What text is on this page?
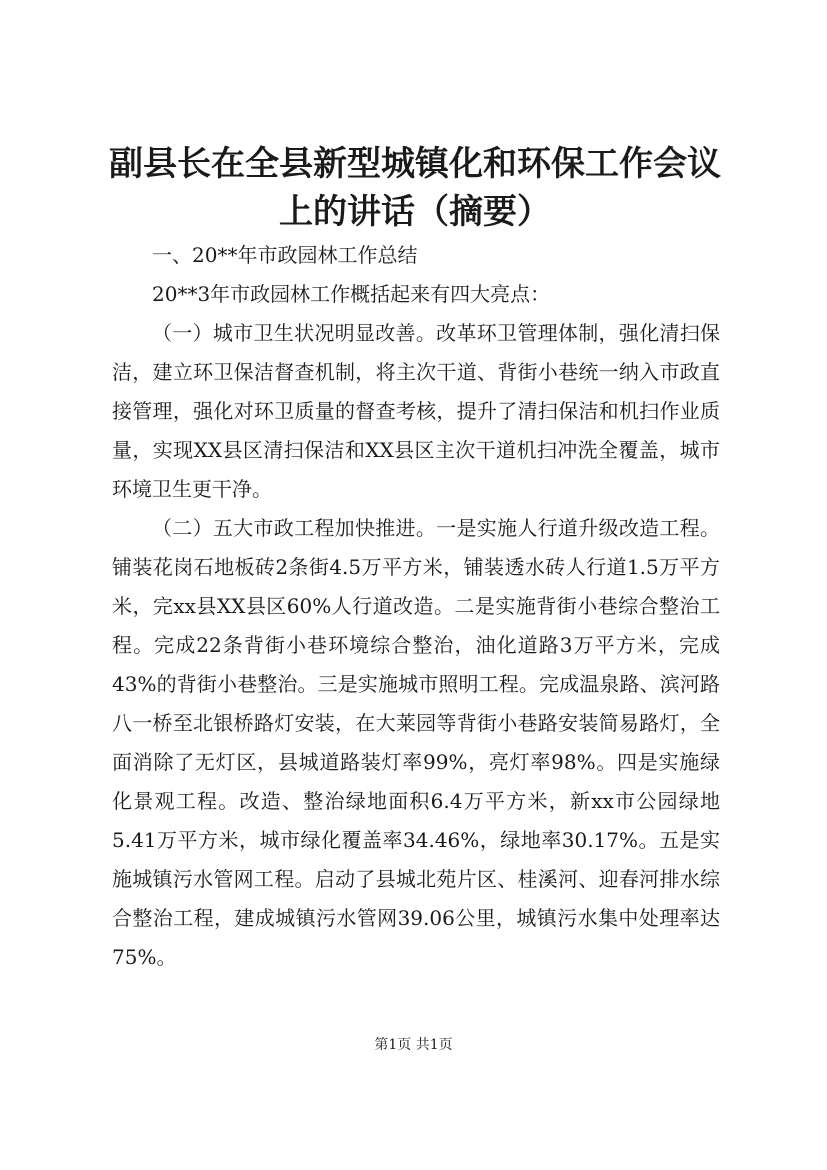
副县长在全县新型城镇化和环保工作会议上的讲话（摘要）

一、20**年市政园林工作总结

20**3年市政园林工作概括起来有四大亮点：

（一）城市卫生状况明显改善。改革环卫管理体制，强化清扫保洁，建立环卫保洁督查机制，将主次干道、背街小巷统一纳入市政直接管理，强化对环卫质量的督查考核，提升了清扫保洁和机扫作业质量，实现XX县区清扫保洁和XX县区主次干道机扫冲洗全覆盖，城市环境卫生更干净。

（二）五大市政工程加快推进。一是实施人行道升级改造工程。铺装花岗石地板砖2条街4.5万平方米，铺装透水砖人行道1.5万平方米，完xx县XX县区60%人行道改造。二是实施背街小巷综合整治工程。完成22条背街小巷环境综合整治，油化道路3万平方米，完成43%的背街小巷整治。三是实施城市照明工程。完成温泉路、滨河路八一桥至北银桥路灯安装，在大莱园等背街小巷路安装简易路灯，全面消除了无灯区，县城道路装灯率99%，亮灯率98%。四是实施绿化景观工程。改造、整治绿地面积6.4万平方米，新xx市公园绿地5.41万平方米，城市绿化覆盖率34.46%，绿地率30.17%。五是实施城镇污水管网工程。启动了县城北苑片区、桂溪河、迎春河排水综合整治工程，建成城镇污水管网39.06公里，城镇污水集中处理率达75%。

第1页 共1页
